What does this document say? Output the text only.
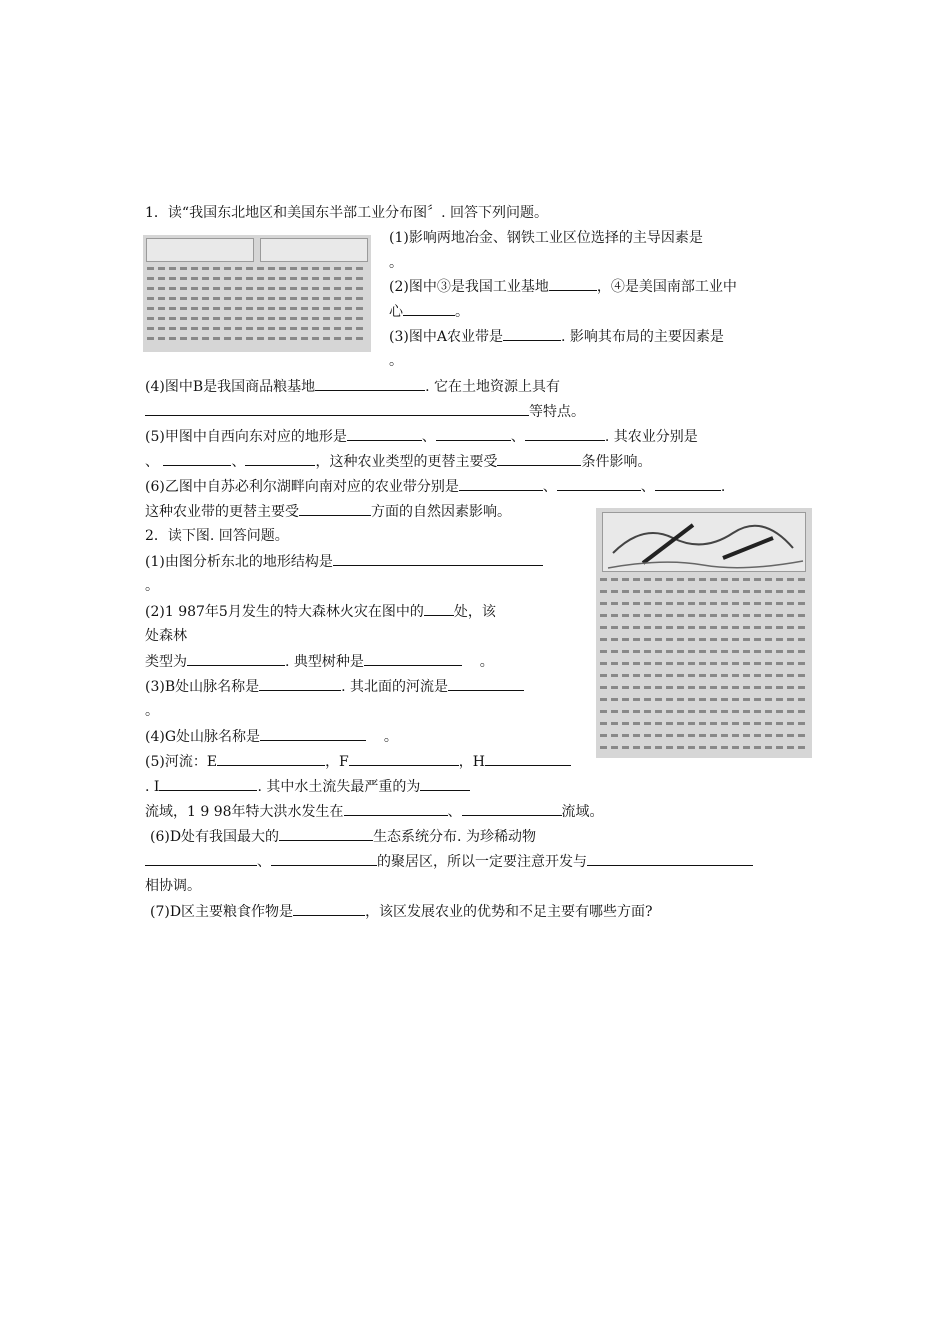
1．读“我国东北地区和美国东半部工业分布图〞. 回答下列问题。
(1)影响两地冶金、钢铁工业区位选择的主导因素是
。
(2)图中③是我国工业基地	，④是美国南部工业中
心	。
(3)图中A农业带是	. 影响其布局的主要因素是
。
(4)图中B是我国商品粮基地	. 它在土地资源上具有
等特点。
(5)甲图中自西向东对应的地形是	、	、	. 其农业分别是
、	、	，这种农业类型的更替主要受	条件影响。
(6)乙图中自苏必利尔湖畔向南对应的农业带分别是	、	、	.
这种农业带的更替主要受	方面的自然因素影响。
2．读下图. 回答问题。
(1)由图分析东北的地形结构是
。
(2)1 987年5月发生的特大森林火灾在图中的 处，该
处森林
类型为	. 典型树种是	。
(3)B处山脉名称是	. 其北面的河流是
。
(4)G处山脉名称是	。
(5)河流：E	，F	，H
. I	. 其中水土流失最严重的为
流域，1 9 98年特大洪水发生在	、	流域。
(6)D处有我国最大的	生态系统分布. 为珍稀动物
、	的聚居区，所以一定要注意开发与
相协调。
(7)D区主要粮食作物是	，该区发展农业的优势和不足主要有哪些方面?
